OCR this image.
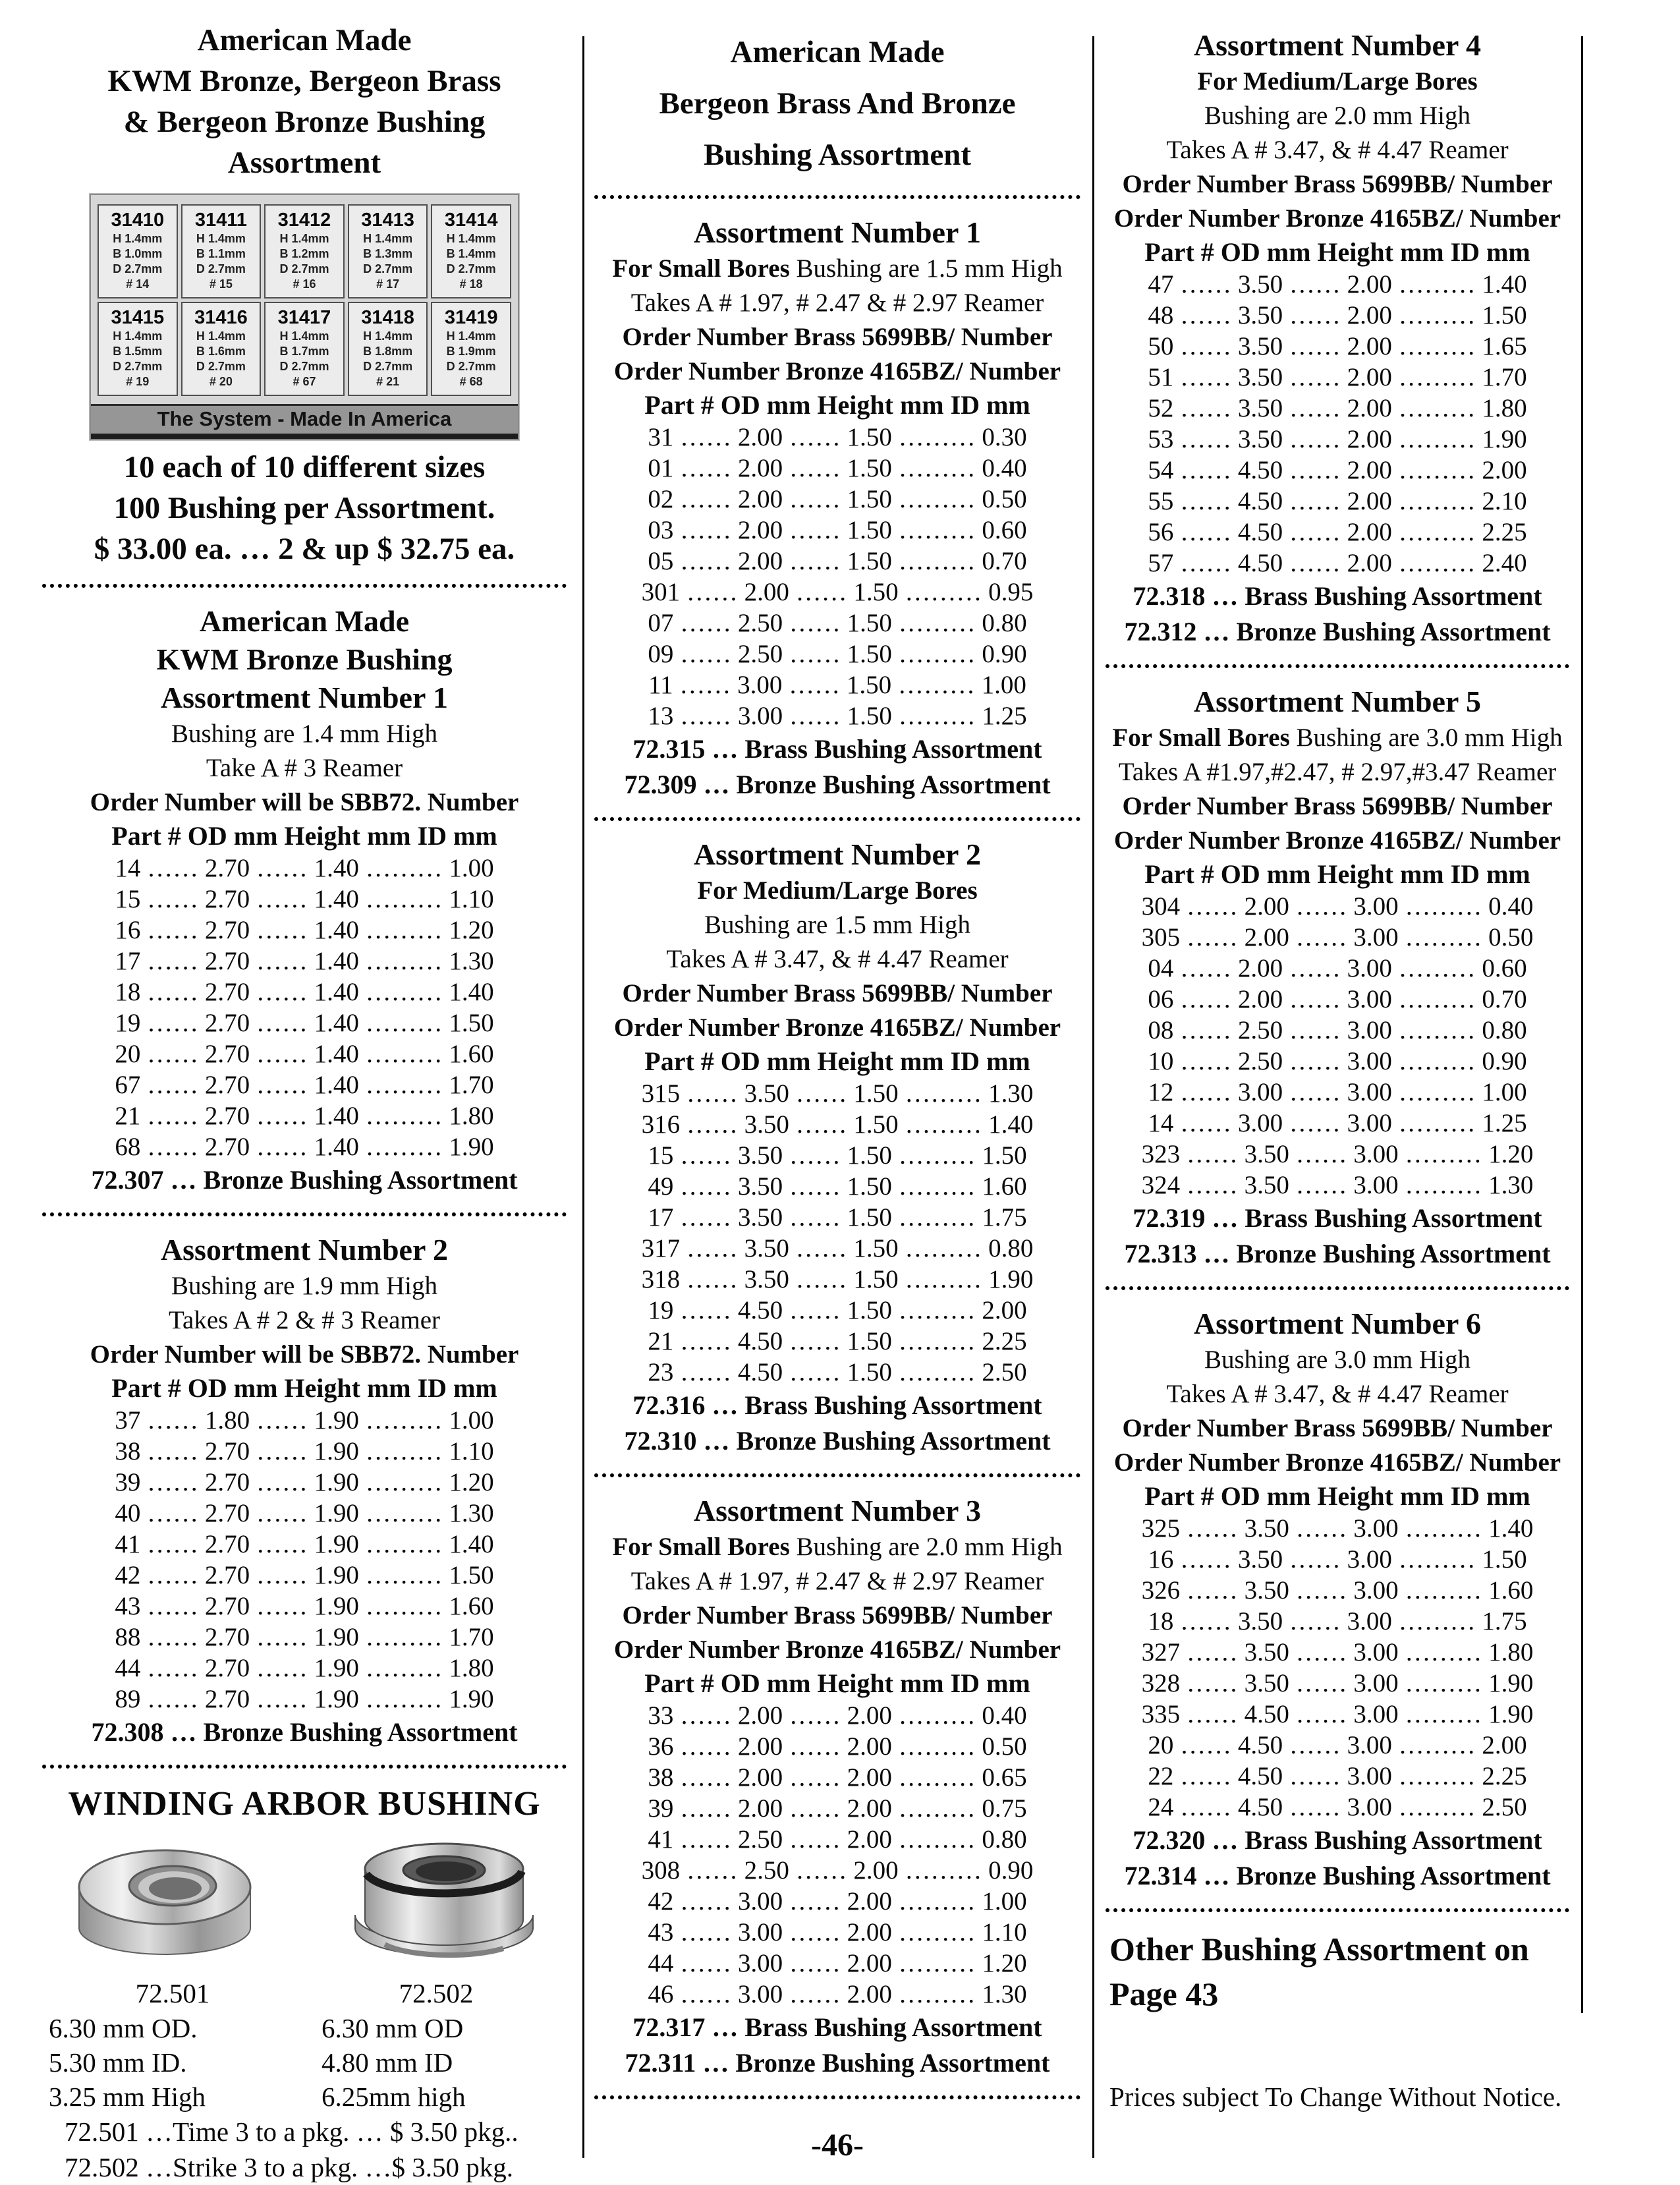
American Made
KWM Bronze, Bergeon Brass
& Bergeon Bronze Bushing
Assortment
31410
H 1.4mm
B 1.0mm
D 2.7mm
# 14
31411
H 1.4mm
B 1.1mm
D 2.7mm
# 15
31412
H 1.4mm
B 1.2mm
D 2.7mm
# 16
31413
H 1.4mm
B 1.3mm
D 2.7mm
# 17
31414
H 1.4mm
B 1.4mm
D 2.7mm
# 18
31415
H 1.4mm
B 1.5mm
D 2.7mm
# 19
31416
H 1.4mm
B 1.6mm
D 2.7mm
# 20
31417
H 1.4mm
B 1.7mm
D 2.7mm
# 67
31418
H 1.4mm
B 1.8mm
D 2.7mm
# 21
31419
H 1.4mm
B 1.9mm
D 2.7mm
# 68
The System - Made In America
10 each of 10 different sizes
100 Bushing per Assortment.
$ 33.00 ea. … 2 & up $ 32.75 ea.
American Made
KWM Bronze Bushing
Assortment Number 1
Bushing are 1.4 mm High
Take A # 3 Reamer
Order Number will be SBB72. Number
Part # OD mm Height mm ID mm
14 …… 2.70 …… 1.40 ……… 1.00
15 …… 2.70 …… 1.40 ……… 1.10
16 …… 2.70 …… 1.40 ……… 1.20
17 …… 2.70 …… 1.40 ……… 1.30
18 …… 2.70 …… 1.40 ……… 1.40
19 …… 2.70 …… 1.40 ……… 1.50
20 …… 2.70 …… 1.40 ……… 1.60
67 …… 2.70 …… 1.40 ……… 1.70
21 …… 2.70 …… 1.40 ……… 1.80
68 …… 2.70 …… 1.40 ……… 1.90
72.307 … Bronze Bushing Assortment
Assortment Number 2
Bushing are 1.9 mm High
Takes A # 2 & # 3 Reamer
Order Number will be SBB72. Number
Part # OD mm Height mm ID mm
37 …… 1.80 …… 1.90 ……… 1.00
38 …… 2.70 …… 1.90 ……… 1.10
39 …… 2.70 …… 1.90 ……… 1.20
40 …… 2.70 …… 1.90 ……… 1.30
41 …… 2.70 …… 1.90 ……… 1.40
42 …… 2.70 …… 1.90 ……… 1.50
43 …… 2.70 …… 1.90 ……… 1.60
88 …… 2.70 …… 1.90 ……… 1.70
44 …… 2.70 …… 1.90 ……… 1.80
89 …… 2.70 …… 1.90 ……… 1.90
72.308 … Bronze Bushing Assortment
WINDING ARBOR BUSHING
72.501	72.502
6.30 mm OD.
5.30 mm ID.
3.25 mm High
6.30 mm OD
4.80 mm ID
6.25mm high
72.501 …Time 3 to a pkg. … $ 3.50 pkg..
72.502 …Strike 3 to a pkg. …$ 3.50 pkg.
American Made
Bergeon Brass And Bronze
Bushing Assortment
Assortment Number 1
For Small Bores Bushing are 1.5 mm High
Takes A # 1.97, # 2.47 & # 2.97 Reamer
Order Number Brass 5699BB/ Number
Order Number Bronze 4165BZ/ Number
Part # OD mm Height mm ID mm
31 …… 2.00 …… 1.50 ……… 0.30
01 …… 2.00 …… 1.50 ……… 0.40
02 …… 2.00 …… 1.50 ……… 0.50
03 …… 2.00 …… 1.50 ……… 0.60
05 …… 2.00 …… 1.50 ……… 0.70
301 …… 2.00 …… 1.50 ……… 0.95
07 …… 2.50 …… 1.50 ……… 0.80
09 …… 2.50 …… 1.50 ……… 0.90
11 …… 3.00 …… 1.50 ……… 1.00
13 …… 3.00 …… 1.50 ……… 1.25
72.315 … Brass Bushing Assortment
72.309 … Bronze Bushing Assortment
Assortment Number 2
For Medium/Large Bores
Bushing are 1.5 mm High
Takes A # 3.47, & # 4.47 Reamer
Order Number Brass 5699BB/ Number
Order Number Bronze 4165BZ/ Number
Part # OD mm Height mm ID mm
315 …… 3.50 …… 1.50 ……… 1.30
316 …… 3.50 …… 1.50 ……… 1.40
15 …… 3.50 …… 1.50 ……… 1.50
49 …… 3.50 …… 1.50 ……… 1.60
17 …… 3.50 …… 1.50 ……… 1.75
317 …… 3.50 …… 1.50 ……… 0.80
318 …… 3.50 …… 1.50 ……… 1.90
19 …… 4.50 …… 1.50 ……… 2.00
21 …… 4.50 …… 1.50 ……… 2.25
23 …… 4.50 …… 1.50 ……… 2.50
72.316 … Brass Bushing Assortment
72.310 … Bronze Bushing Assortment
Assortment Number 3
For Small Bores Bushing are 2.0 mm High
Takes A # 1.97, # 2.47 & # 2.97 Reamer
Order Number Brass 5699BB/ Number
Order Number Bronze 4165BZ/ Number
Part # OD mm Height mm ID mm
33 …… 2.00 …… 2.00 ……… 0.40
36 …… 2.00 …… 2.00 ……… 0.50
38 …… 2.00 …… 2.00 ……… 0.65
39 …… 2.00 …… 2.00 ……… 0.75
41 …… 2.50 …… 2.00 ……… 0.80
308 …… 2.50 …… 2.00 ……… 0.90
42 …… 3.00 …… 2.00 ……… 1.00
43 …… 3.00 …… 2.00 ……… 1.10
44 …… 3.00 …… 2.00 ……… 1.20
46 …… 3.00 …… 2.00 ……… 1.30
72.317 … Brass Bushing Assortment
72.311 … Bronze Bushing Assortment
-46-
Assortment Number 4
For Medium/Large Bores
Bushing are 2.0 mm High
Takes A # 3.47, & # 4.47 Reamer
Order Number Brass 5699BB/ Number
Order Number Bronze 4165BZ/ Number
Part # OD mm Height mm ID mm
47 …… 3.50 …… 2.00 ……… 1.40
48 …… 3.50 …… 2.00 ……… 1.50
50 …… 3.50 …… 2.00 ……… 1.65
51 …… 3.50 …… 2.00 ……… 1.70
52 …… 3.50 …… 2.00 ……… 1.80
53 …… 3.50 …… 2.00 ……… 1.90
54 …… 4.50 …… 2.00 ……… 2.00
55 …… 4.50 …… 2.00 ……… 2.10
56 …… 4.50 …… 2.00 ……… 2.25
57 …… 4.50 …… 2.00 ……… 2.40
72.318 … Brass Bushing Assortment
72.312 … Bronze Bushing Assortment
Assortment Number 5
For Small Bores Bushing are 3.0 mm High
Takes A #1.97,#2.47, # 2.97,#3.47 Reamer
Order Number Brass 5699BB/ Number
Order Number Bronze 4165BZ/ Number
Part # OD mm Height mm ID mm
304 …… 2.00 …… 3.00 ……… 0.40
305 …… 2.00 …… 3.00 ……… 0.50
04 …… 2.00 …… 3.00 ……… 0.60
06 …… 2.00 …… 3.00 ……… 0.70
08 …… 2.50 …… 3.00 ……… 0.80
10 …… 2.50 …… 3.00 ……… 0.90
12 …… 3.00 …… 3.00 ……… 1.00
14 …… 3.00 …… 3.00 ……… 1.25
323 …… 3.50 …… 3.00 ……… 1.20
324 …… 3.50 …… 3.00 ……… 1.30
72.319 … Brass Bushing Assortment
72.313 … Bronze Bushing Assortment
Assortment Number 6
Bushing are 3.0 mm High
Takes A # 3.47, & # 4.47 Reamer
Order Number Brass 5699BB/ Number
Order Number Bronze 4165BZ/ Number
Part # OD mm Height mm ID mm
325 …… 3.50 …… 3.00 ……… 1.40
16 …… 3.50 …… 3.00 ……… 1.50
326 …… 3.50 …… 3.00 ……… 1.60
18 …… 3.50 …… 3.00 ……… 1.75
327 …… 3.50 …… 3.00 ……… 1.80
328 …… 3.50 …… 3.00 ……… 1.90
335 …… 4.50 …… 3.00 ……… 1.90
20 …… 4.50 …… 3.00 ……… 2.00
22 …… 4.50 …… 3.00 ……… 2.25
24 …… 4.50 …… 3.00 ……… 2.50
72.320 … Brass Bushing Assortment
72.314 … Bronze Bushing Assortment
Other Bushing Assortment on
Page 43
Prices subject To Change Without Notice.
